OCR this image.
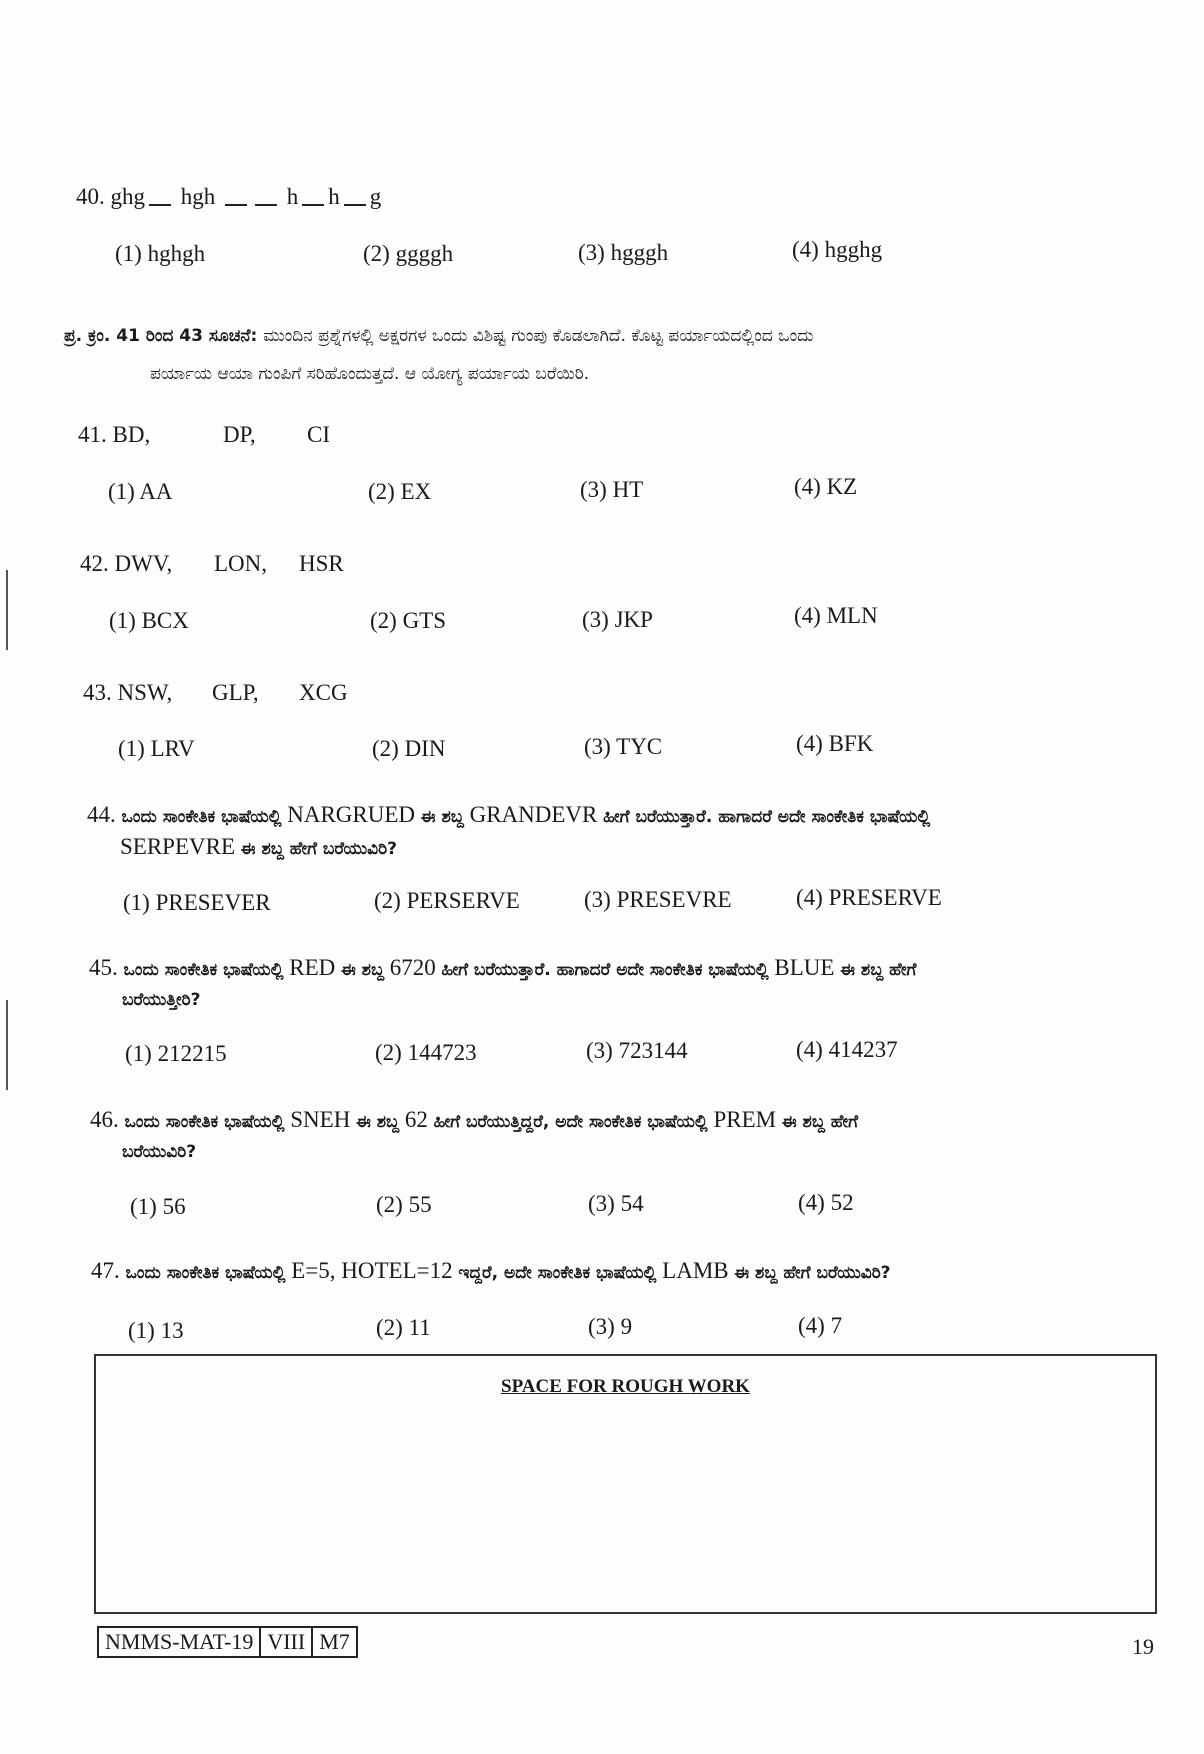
40. ghg hgh	h h g
(1) hghgh	(2) ggggh	(3) hgggh	(4) hgghg
ಪ್ರ. ಕ್ರಂ. 41 ರಿಂದ 43 ಸೂಚನೆ: ಮುಂದಿನ ಪ್ರಶ್ನೆಗಳಲ್ಲಿ ಅಕ್ಷರಗಳ ಒಂದು ವಿಶಿಷ್ಟ ಗುಂಪು ಕೊಡಲಾಗಿದೆ. ಕೊಟ್ಟ ಪರ್ಯಾಯದಲ್ಲಿಂದ ಒಂದು
ಪರ್ಯಾಯ ಆಯಾ ಗುಂಪಿಗೆ ಸರಿಹೊಂದುತ್ತದೆ. ಆ ಯೋಗ್ಯ ಪರ್ಯಾಯ ಬರೆಯಿರಿ.
41. BD,	DP, CI
(1) AA	(2) EX	(3) HT	(4) KZ
42. DWV, LON, HSR
(1) BCX	(2) GTS	(3) JKP	(4) MLN
43. NSW, GLP, XCG
(1) LRV	(2) DIN	(3) TYC	(4) BFK
44. ಒಂದು ಸಾಂಕೇತಿಕ ಭಾಷೆಯಲ್ಲಿ NARGRUED ಈ ಶಬ್ದ GRANDEVR ಹೀಗೆ ಬರೆಯುತ್ತಾರೆ. ಹಾಗಾದರೆ ಅದೇ ಸಾಂಕೇತಿಕ ಭಾಷೆಯಲ್ಲಿ
SERPEVRE ಈ ಶಬ್ದ ಹೇಗೆ ಬರೆಯುವಿರಿ?
(1) PRESEVER	(2) PERSERVE	(3) PRESEVRE	(4) PRESERVE
45. ಒಂದು ಸಾಂಕೇತಿಕ ಭಾಷೆಯಲ್ಲಿ RED ಈ ಶಬ್ದ 6720 ಹೀಗೆ ಬರೆಯುತ್ತಾರೆ. ಹಾಗಾದರೆ ಅದೇ ಸಾಂಕೇತಿಕ ಭಾಷೆಯಲ್ಲಿ BLUE ಈ ಶಬ್ದ ಹೇಗೆ
ಬರೆಯುತ್ತೀರಿ?
(1) 212215	(2) 144723	(3) 723144	(4) 414237
46. ಒಂದು ಸಾಂಕೇತಿಕ ಭಾಷೆಯಲ್ಲಿ SNEH ಈ ಶಬ್ದ 62 ಹೀಗೆ ಬರೆಯುತ್ತಿದ್ದರೆ, ಅದೇ ಸಾಂಕೇತಿಕ ಭಾಷೆಯಲ್ಲಿ PREM ಈ ಶಬ್ದ ಹೇಗೆ
ಬರೆಯುವಿರಿ?
(1) 56	(2) 55	(3) 54	(4) 52
47. ಒಂದು ಸಾಂಕೇತಿಕ ಭಾಷೆಯಲ್ಲಿ E=5, HOTEL=12 ಇದ್ದರೆ, ಅದೇ ಸಾಂಕೇತಿಕ ಭಾಷೆಯಲ್ಲಿ LAMB ಈ ಶಬ್ದ ಹೇಗೆ ಬರೆಯುವಿರಿ?
(1) 13	(2) 11	(3) 9	(4) 7
SPACE FOR ROUGH WORK
NMMS-MAT-19 VIII M7	19
